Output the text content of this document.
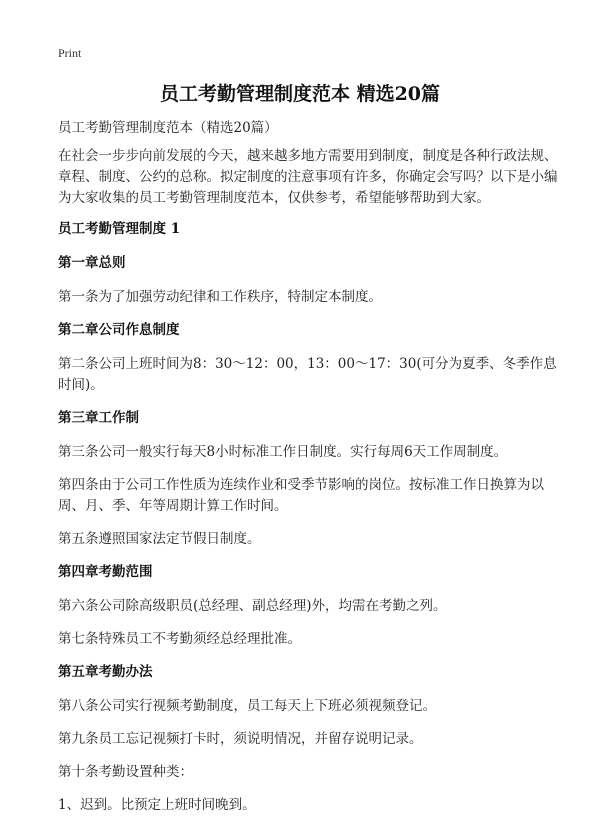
Print
员工考勤管理制度范本 精选20篇

员工考勤管理制度范本（精选20篇）

在社会一步步向前发展的今天，越来越多地方需要用到制度，制度是各种行政法规、章程、制度、公约的总称。拟定制度的注意事项有许多，你确定会写吗？以下是小编为大家收集的员工考勤管理制度范本，仅供参考，希望能够帮助到大家。

员工考勤管理制度 1

第一章总则

第一条为了加强劳动纪律和工作秩序，特制定本制度。

第二章公司作息制度

第二条公司上班时间为8：30～12：00，13：00～17：30(可分为夏季、冬季作息时间)。

第三章工作制

第三条公司一般实行每天8小时标准工作日制度。实行每周6天工作周制度。

第四条由于公司工作性质为连续作业和受季节影响的岗位。按标准工作日换算为以周、月、季、年等周期计算工作时间。

第五条遵照国家法定节假日制度。

第四章考勤范围

第六条公司除高级职员(总经理、副总经理)外，均需在考勤之列。

第七条特殊员工不考勤须经总经理批准。

第五章考勤办法

第八条公司实行视频考勤制度，员工每天上下班必须视频登记。

第九条员工忘记视频打卡时，须说明情况，并留存说明记录。

第十条考勤设置种类：

1、迟到。比预定上班时间晚到。
